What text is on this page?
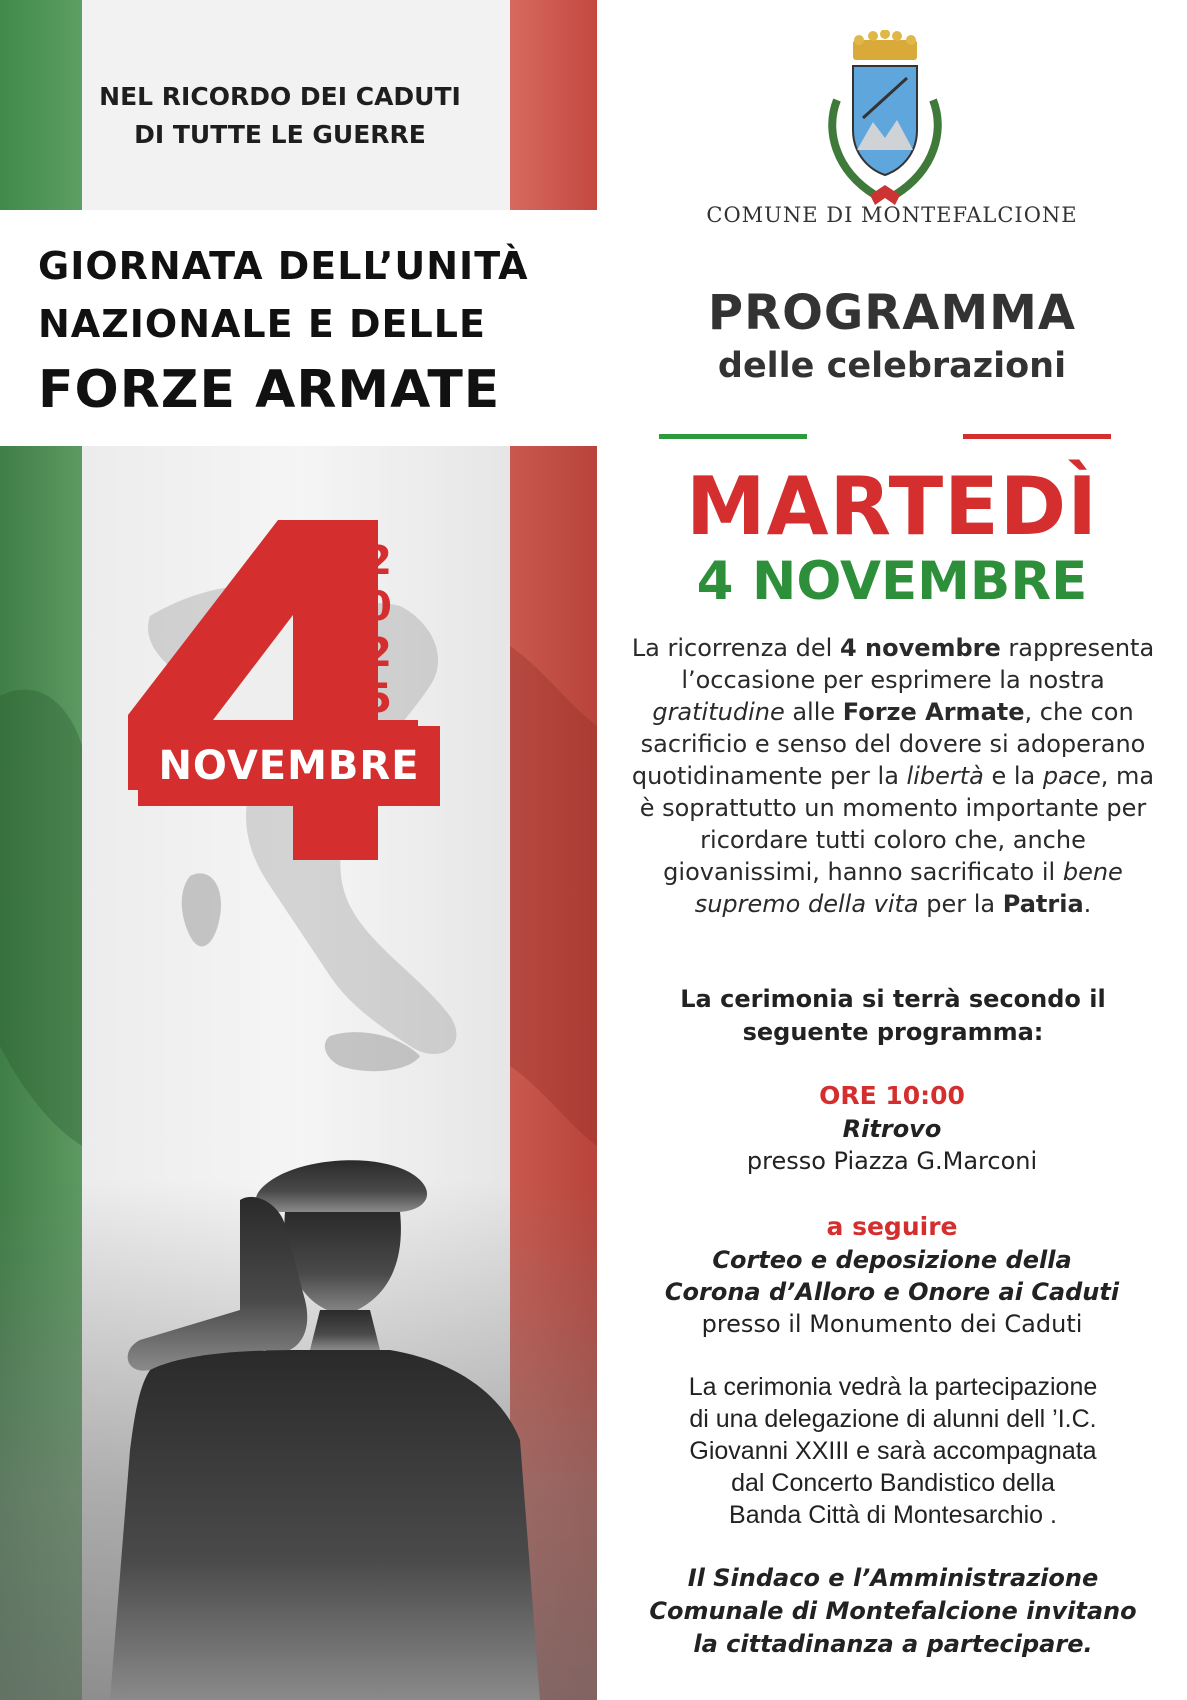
NEL RICORDO DEI CADUTI
DI TUTTE LE GUERRE
GIORNATA DELL’UNITÀ
NAZIONALE E DELLE
FORZE ARMATE
NOVEMBRE
2
0
2
5
COMUNE DI MONTEFALCIONE
PROGRAMMA
delle celebrazioni
MARTEDÌ
4 NOVEMBRE
La ricorrenza del 4 novembre rappresenta l’occasione per esprimere la nostra gratitudine alle Forze Armate, che con sacrificio e senso del dovere si adoperano quotidinamente per la libertà e la pace, ma è soprattutto un momento importante per ricordare tutti coloro che, anche giovanissimi, hanno sacrificato il bene supremo della vita per la Patria.
La cerimonia si terrà secondo il
seguente programma:
ORE 10:00
Ritrovo
presso Piazza G.Marconi
a seguire
Corteo e deposizione della
Corona d’Alloro e Onore ai Caduti
presso il Monumento dei Caduti
La cerimonia vedrà la partecipazione
di una delegazione di alunni dell ’I.C.
Giovanni XXIII e sarà accompagnata
dal Concerto Bandistico della
Banda Città di Montesarchio .
Il Sindaco e l’Amministrazione
Comunale di Montefalcione invitano
la cittadinanza a partecipare.
